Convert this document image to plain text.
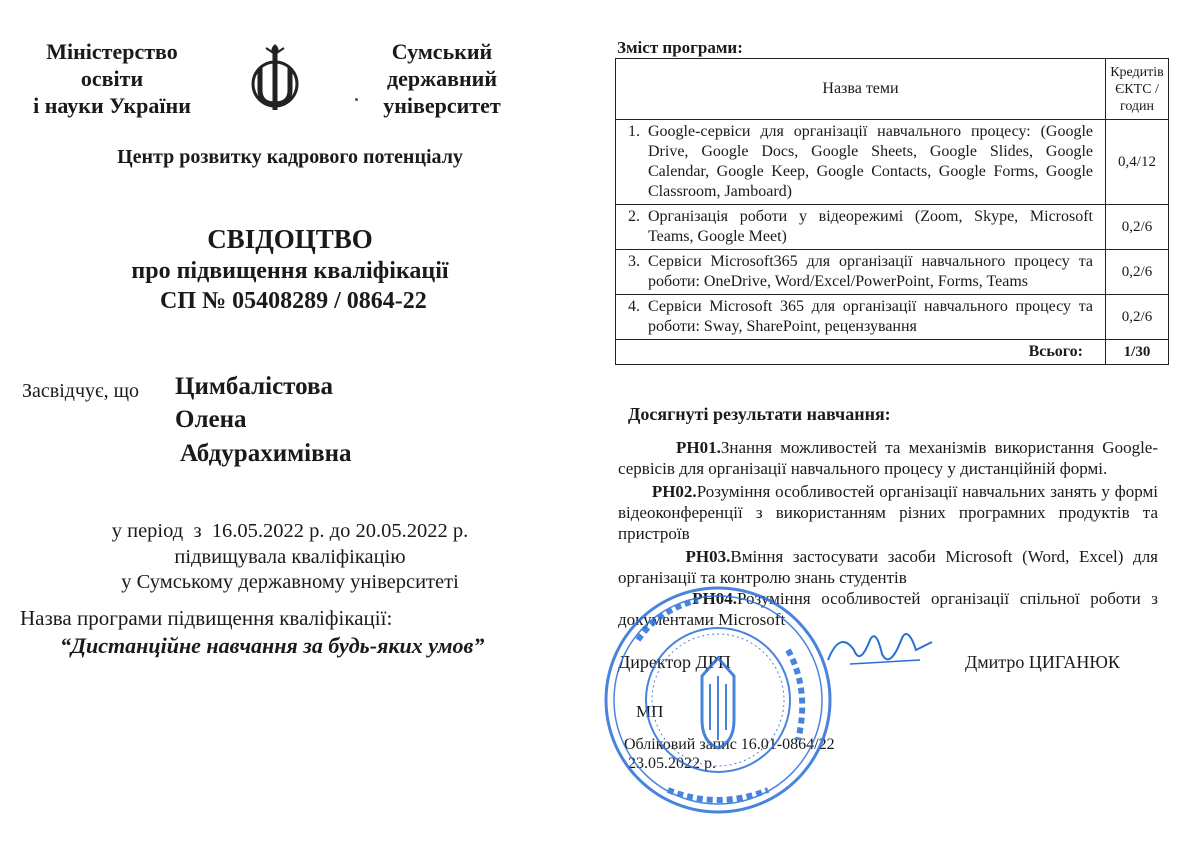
Міністерство
освіти
і науки України
Сумський
державний
університет
Центр розвитку кадрового потенціалу
СВІДОЦТВО
про підвищення кваліфікації
СП № 05408289 / 0864-22
Засвідчує, що Цимбалістова
Олена
Абдурахимівна
у період  з  16.05.2022 р. до 20.05.2022 р.
підвищувала кваліфікацію
у Сумському державному університеті
Назва програми підвищення кваліфікації:
“Дистанційне навчання за будь-яких умов”
Зміст програми:
Назва теми	Кредитів
ЄКТС /
годин

1. Google-сервіси для організації навчального процесу: (Google Drive, Google Docs, Google Sheets, Google Slides, Google Calendar, Google Keep, Google Contacts, Google Forms, Google Classroom, Jamboard)	0,4/12

2. Організація роботи у відеорежимі (Zoom, Skype, Microsoft Teams, Google Meet)	0,2/6

3. Сервіси Microsoft365 для організації навчального процесу та роботи: OneDrive, Word/Excel/PowerPoint, Forms, Teams	0,2/6

4. Сервіси Microsoft 365 для організації навчального процесу та роботи: Sway, SharePoint, рецензування	0,2/6
Всього:	1/30
Досягнуті результати навчання:
РН01.Знання можливостей та механізмів використання Google-сервісів для організації навчального процесу у дистанційній формі.
РН02.Розуміння особливостей організації навчальних занять у формі відеоконференції з використанням різних програмних продуктів та пристроїв
РН03.Вміння застосувати засоби Microsoft (Word, Excel) для організації та контролю знань студентів
РН04.Розуміння особливостей організації спільної роботи з документами Microsoft
Директор ДРП	Дмитро ЦИГАНЮК
МП
Обліковий запис 16.01-0864/22
23.05.2022 р.
